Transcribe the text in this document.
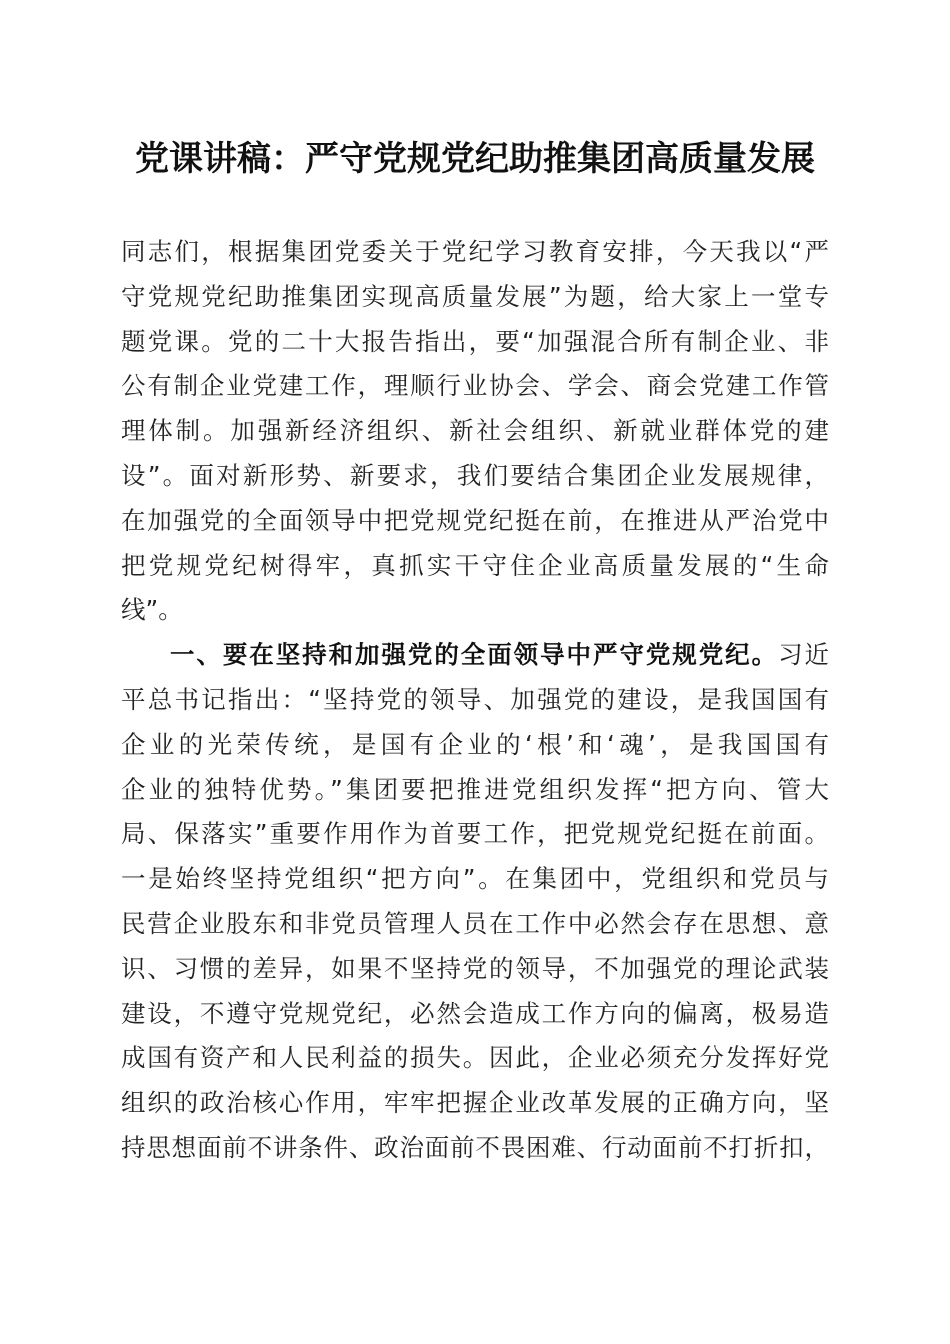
党课讲稿：严守党规党纪助推集团高质量发展

同志们，根据集团党委关于党纪学习教育安排，今天我以“严
守党规党纪助推集团实现高质量发展”为题，给大家上一堂专
题党课。党的二十大报告指出，要“加强混合所有制企业、非
公有制企业党建工作，理顺行业协会、学会、商会党建工作管
理体制。加强新经济组织、新社会组织、新就业群体党的建
设”。面对新形势、新要求，我们要结合集团企业发展规律，
在加强党的全面领导中把党规党纪挺在前，在推进从严治党中
把党规党纪树得牢，真抓实干守住企业高质量发展的“生命
线”。

一、要在坚持和加强党的全面领导中严守党规党纪。习近
平总书记指出：“坚持党的领导、加强党的建设，是我国国有
企业的光荣传统，是国有企业的‘根’和‘魂’，是我国国有
企业的独特优势。”集团要把推进党组织发挥“把方向、管大
局、保落实”重要作用作为首要工作，把党规党纪挺在前面。
一是始终坚持党组织“把方向”。在集团中，党组织和党员与
民营企业股东和非党员管理人员在工作中必然会存在思想、意
识、习惯的差异，如果不坚持党的领导，不加强党的理论武装
建设，不遵守党规党纪，必然会造成工作方向的偏离，极易造
成国有资产和人民利益的损失。因此，企业必须充分发挥好党
组织的政治核心作用，牢牢把握企业改革发展的正确方向，坚
持思想面前不讲条件、政治面前不畏困难、行动面前不打折扣，
